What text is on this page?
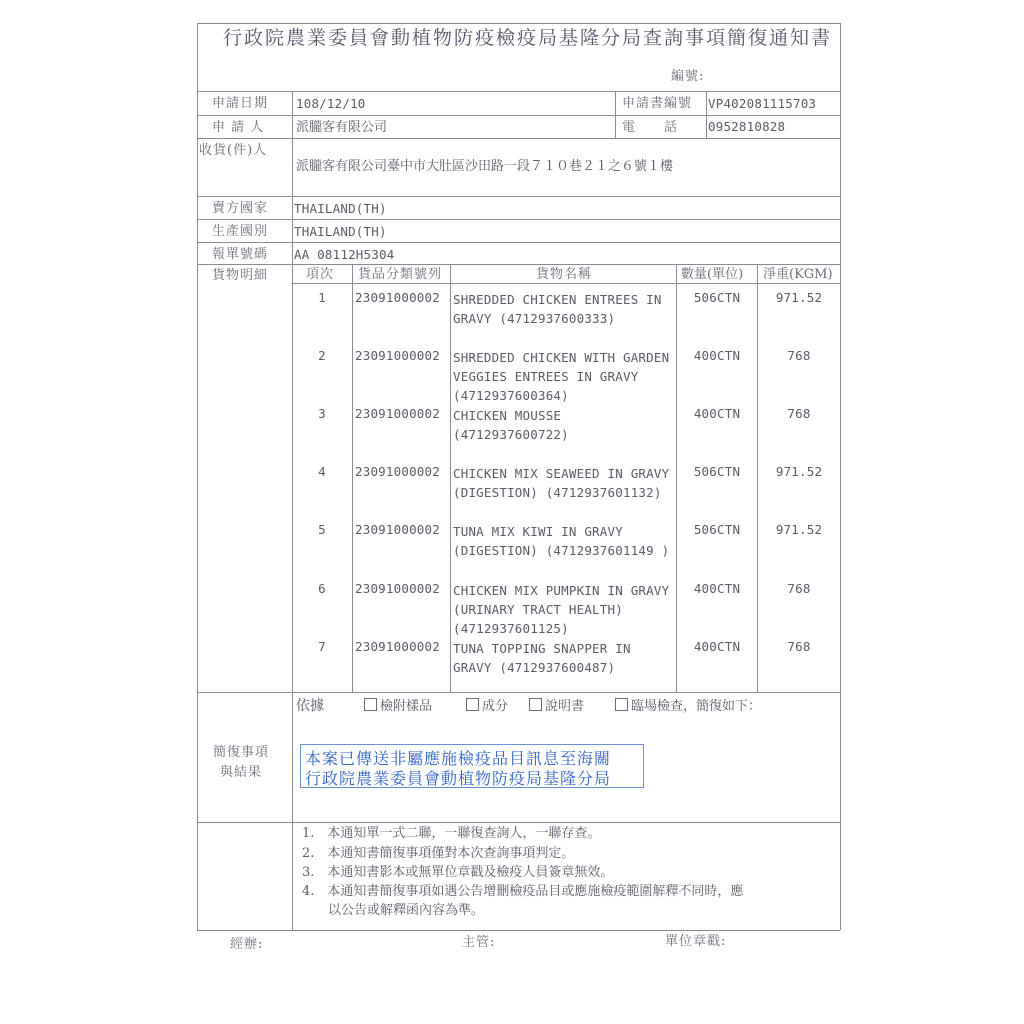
行政院農業委員會動植物防疫檢疫局基隆分局查詢事項簡復通知書
編號:
申請日期 108/12/10	申請書編號 VP402081115703
申 請 人 派朧客有限公司	電　　話 0952810828
收貨(件)人
派朧客有限公司臺中市大肚區沙田路一段７１０巷２１之６號１樓
賣方國家 THAILAND(TH)
生產國別 THAILAND(TH)
報單號碼 AA 08112H5304
貨物明細	項次 貨品分類號列	貨物名稱	數量(單位) 淨重(KGM)
1	23091000002 SHREDDED CHICKEN ENTREES IN
GRAVY (4712937600333)
506CTN	971.52
2	23091000002 SHREDDED CHICKEN WITH GARDEN
VEGGIES ENTREES IN GRAVY
(4712937600364)
400CTN	768
3	23091000002 CHICKEN MOUSSE
(4712937600722)
400CTN	768
4	23091000002 CHICKEN MIX SEAWEED IN GRAVY
(DIGESTION) (4712937601132)
506CTN	971.52
5	23091000002 TUNA MIX KIWI IN GRAVY
(DIGESTION) (4712937601149 )
506CTN	971.52
6	23091000002 CHICKEN MIX PUMPKIN IN GRAVY
(URINARY TRACT HEALTH)
(4712937601125)
400CTN	768
7	23091000002 TUNA TOPPING SNAPPER IN
GRAVY (4712937600487)
400CTN	768
簡復事項
與結果
依據	檢附樣品	成分	說明書	臨場檢查，簡復如下：
本案已傳送非屬應施檢疫品目訊息至海關
行政院農業委員會動植物防疫局基隆分局
1.　本通知單一式二聯，一聯復查詢人，一聯存查。
2.　本通知書簡復事項僅對本次查詢事項判定。
3.　本通知書影本或無單位章戳及檢疫人員簽章無效。
4.　本通知書簡復事項如遇公告增刪檢疫品目或應施檢疫範圍解釋不同時，應
　　以公告或解釋函內容為準。
經辦:	主管:	單位章戳:
